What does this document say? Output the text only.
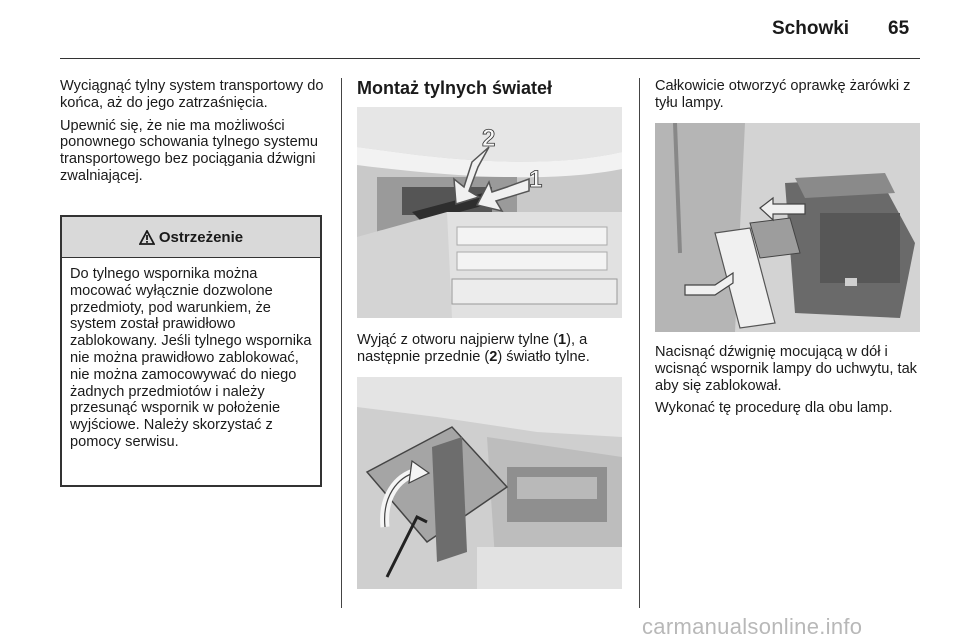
Schowki 65

Wyciągnąć tylny system transportowy do końca, aż do jego zatrzaśnięcia.

Upewnić się, że nie ma możliwości ponownego schowania tylnego systemu transportowego bez pociągania dźwigni zwalniającej.

Ostrzeżenie
Do tylnego wspornika można mocować wyłącznie dozwolone przedmioty, pod warunkiem, że system został prawidłowo zablokowany. Jeśli tylnego wspornika nie można prawidłowo zablokować, nie można zamocowywać do niego żadnych przedmiotów i należy przesunąć wspornik w położenie wyjściowe. Należy skorzystać z pomocy serwisu.
Montaż tylnych świateł
2
1
Wyjąć z otworu najpierw tylne (1), a następnie przednie (2) światło tylne.

Całkowicie otworzyć oprawkę żarówki z tyłu lampy.

Nacisnąć dźwignię mocującą w dół i wcisnąć wspornik lampy do uchwytu, tak aby się zablokował.

Wykonać tę procedurę dla obu lamp.

carmanualsonline.info
